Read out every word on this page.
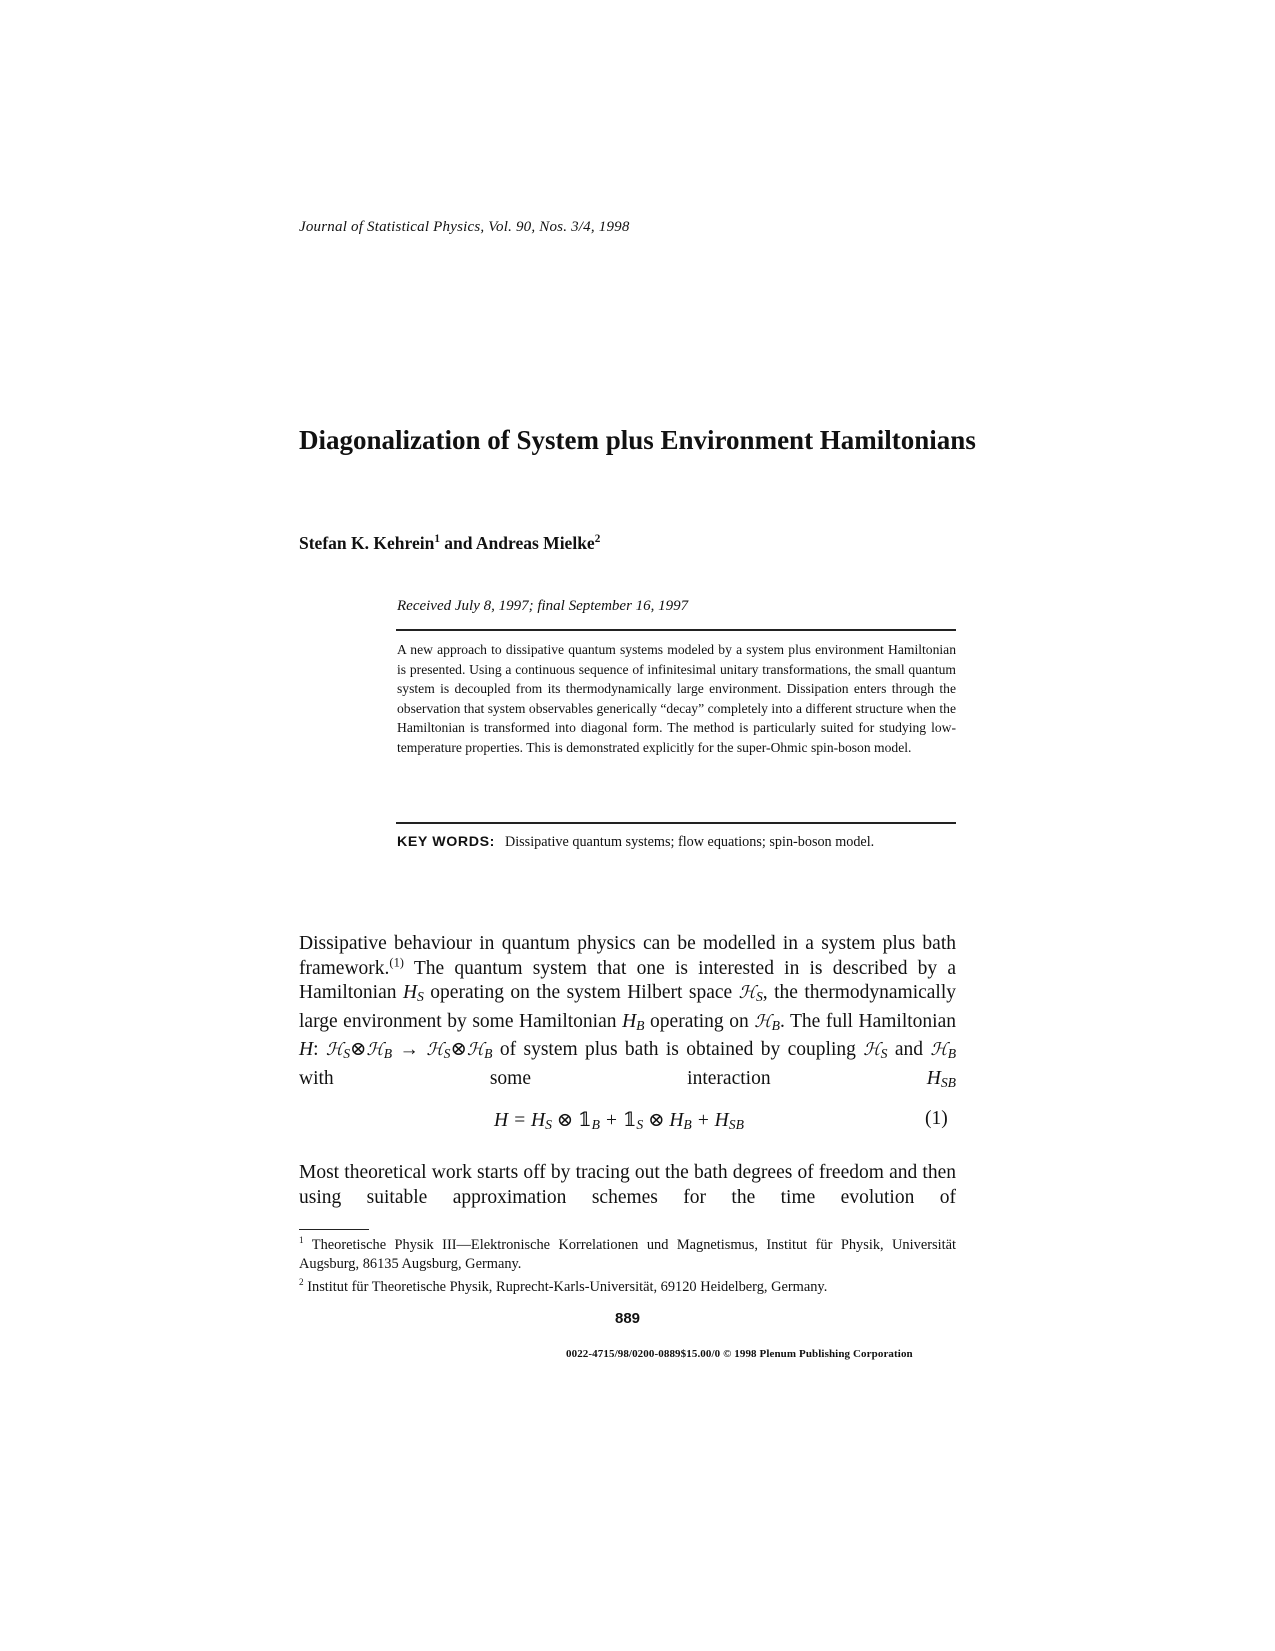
Journal of Statistical Physics, Vol. 90, Nos. 3/4, 1998
Diagonalization of System plus Environment Hamiltonians
Stefan K. Kehrein$^1$ and Andreas Mielke$^2$
Received July 8, 1997; final September 16, 1997
A new approach to dissipative quantum systems modeled by a system plus environment Hamiltonian is presented. Using a continuous sequence of infinitesimal unitary transformations, the small quantum system is decoupled from its thermodynamically large environment. Dissipation enters through the observation that system observables generically “decay” completely into a different structure when the Hamiltonian is transformed into diagonal form. The method is particularly suited for studying low-temperature properties. This is demonstrated explicitly for the super-Ohmic spin-boson model.
KEY WORDS: Dissipative quantum systems; flow equations; spin-boson model.
Dissipative behaviour in quantum physics can be modelled in a system plus bath framework.$^{(1)}$ The quantum system that one is interested in is described by a Hamiltonian $H_S$ operating on the system Hilbert space ℋ$_S$, the thermodynamically large environment by some Hamiltonian $H_B$ operating on ℋ$_B$. The full Hamiltonian H: ℋ$_S$⊗ℋ$_B$ → ℋ$_S$⊗ℋ$_B$ of system plus bath is obtained by coupling ℋ$_S$ and ℋ$_B$ with some interaction $H_{SB}$
$H = H_S$ ⊗ $𝟙_B$ + $𝟙_S$ ⊗ $H_B + H_{SB}$	(1)
Most theoretical work starts off by tracing out the bath degrees of freedom and then using suitable approximation schemes for the time evolution of
$^1$ Theoretische Physik III—Elektronische Korrelationen und Magnetismus, Institut für Physik, Universität Augsburg, 86135 Augsburg, Germany.
$^2$ Institut für Theoretische Physik, Ruprecht-Karls-Universität, 69120 Heidelberg, Germany.
889
0022-4715/98/0200-0889$15.00/0 © 1998 Plenum Publishing Corporation
